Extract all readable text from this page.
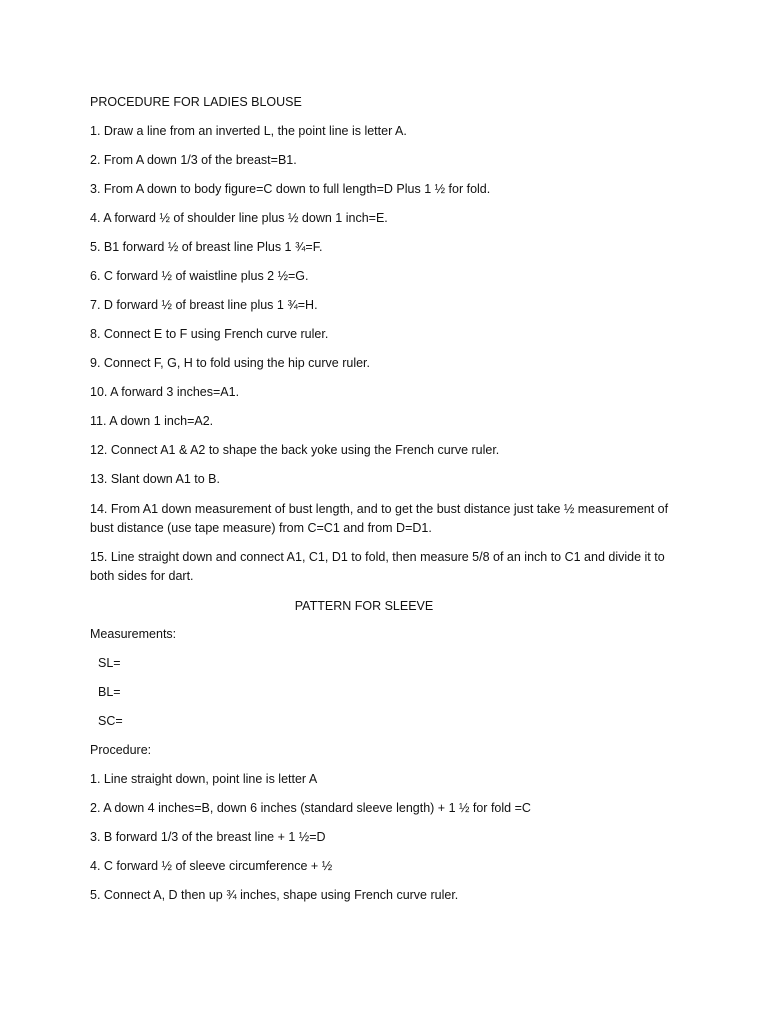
PROCEDURE FOR LADIES BLOUSE
1. Draw a line from an inverted L, the point line is letter A.
2. From A down 1/3 of the breast=B1.
3. From A down to body figure=C down to full length=D Plus 1 ½ for fold.
4. A forward ½ of shoulder line plus ½ down 1 inch=E.
5. B1 forward ½ of breast line Plus 1 ¾=F.
6. C forward ½ of waistline plus 2 ½=G.
7. D forward ½ of breast line plus 1 ¾=H.
8. Connect E to F using French curve ruler.
9. Connect F, G, H to fold using the hip curve ruler.
10. A forward 3 inches=A1.
11. A down 1 inch=A2.
12. Connect A1 & A2 to shape the back yoke using the French curve ruler.
13. Slant down A1 to B.
14. From A1 down measurement of bust length, and to get the bust distance just take ½ measurement of bust distance (use tape measure) from C=C1 and from D=D1.
15. Line straight down and connect A1, C1, D1 to fold, then measure 5/8 of an inch to C1 and divide it to both sides for dart.
PATTERN FOR SLEEVE
Measurements:
SL=
BL=
SC=
Procedure:
1. Line straight down, point line is letter A
2. A down 4 inches=B, down 6 inches (standard sleeve length) + 1 ½ for fold =C
3. B forward 1/3 of the breast line + 1 ½=D
4. C forward ½ of sleeve circumference + ½
5. Connect A, D then up ¾ inches, shape using French curve ruler.
